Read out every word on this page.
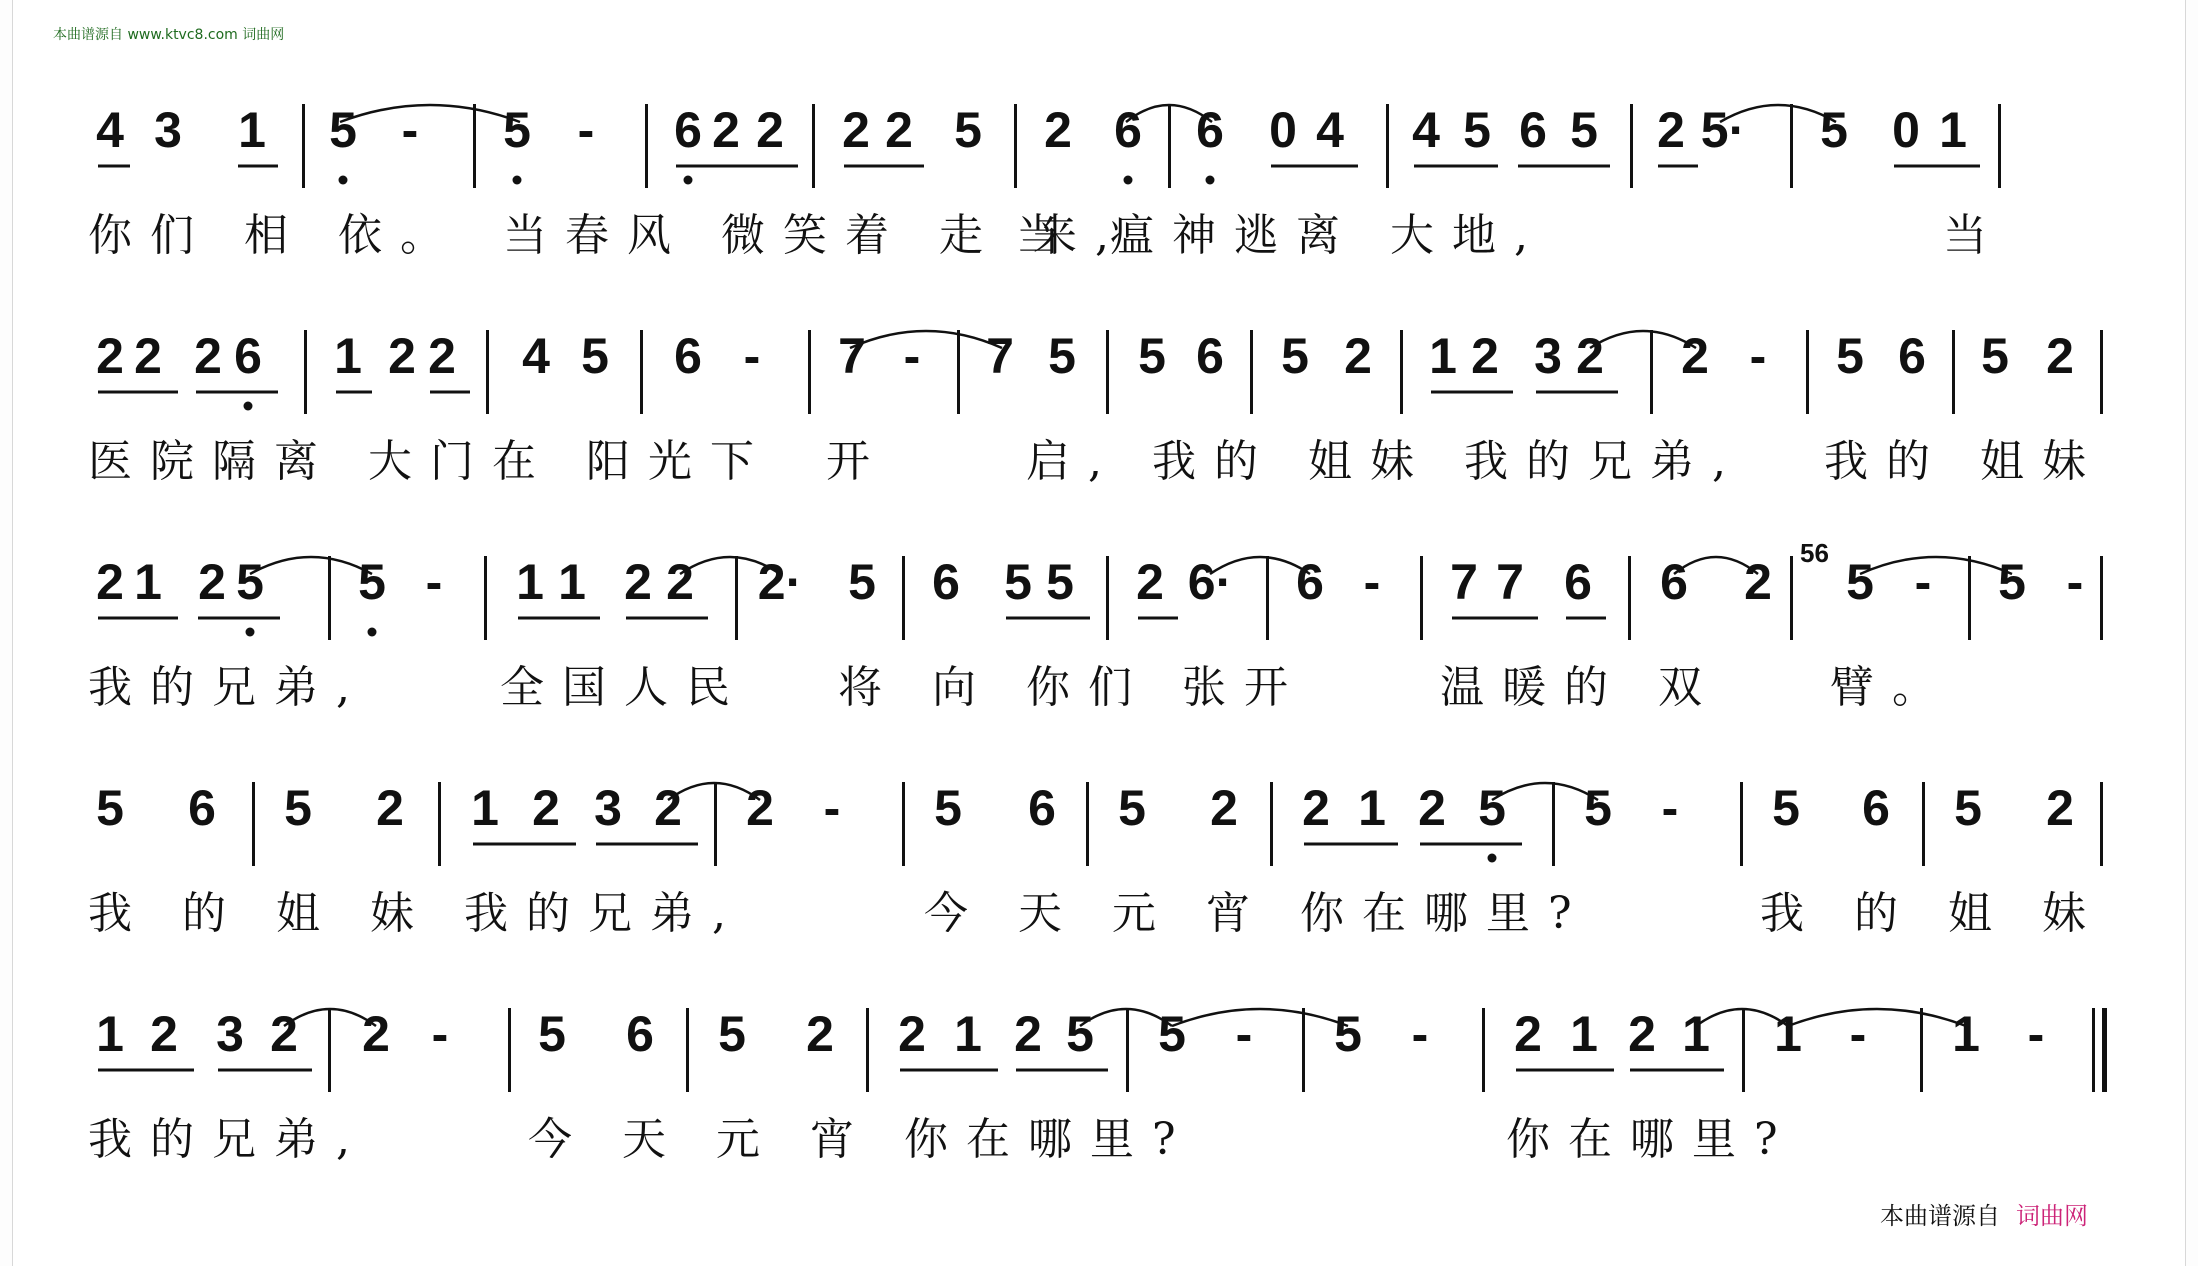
本曲谱源自 www.ktvc8.com 词曲网
4 3 1 5 - 5 - 6 2 2 2 2 5 2 6 6 0 4 4 5 6 5 2 5· 5 0 1
你们 相 依。 当春风 微笑着 走 来,
当 瘟神逃离 大地,	当
2 2 2 6 1 2 2 4 5 6 - 7 - 7 5 5 6 5 2 1 2 3 2 2 - 5 6 5 2
医院隔离 大门在 阳光下 开	启, 我的 姐妹 我的兄弟, 我的 姐妹
2 1 2 5 5 - 1 1 2 2 2· 5 6 5 5 2 6· 6 - 7 7 6 6 2 5 - 5 -
56
我的兄弟,	全国人民 将 向 你们 张开	温暖的 双	臂。
5 6 5 2 1 2 3 2 2 - 5 6 5 2 2 1 2 5 5 - 5 6 5 2
我 的 姐 妹 我的兄弟,	今 天 元 宵 你在哪里?	我 的 姐 妹
1 2 3 2 2 - 5 6 5 2 2 1 2 5 5 - 5 - 2 1 2 1 1 - 1 -
我的兄弟,	今 天 元 宵 你在哪里?	你在哪里?
本曲谱源自 词曲网
